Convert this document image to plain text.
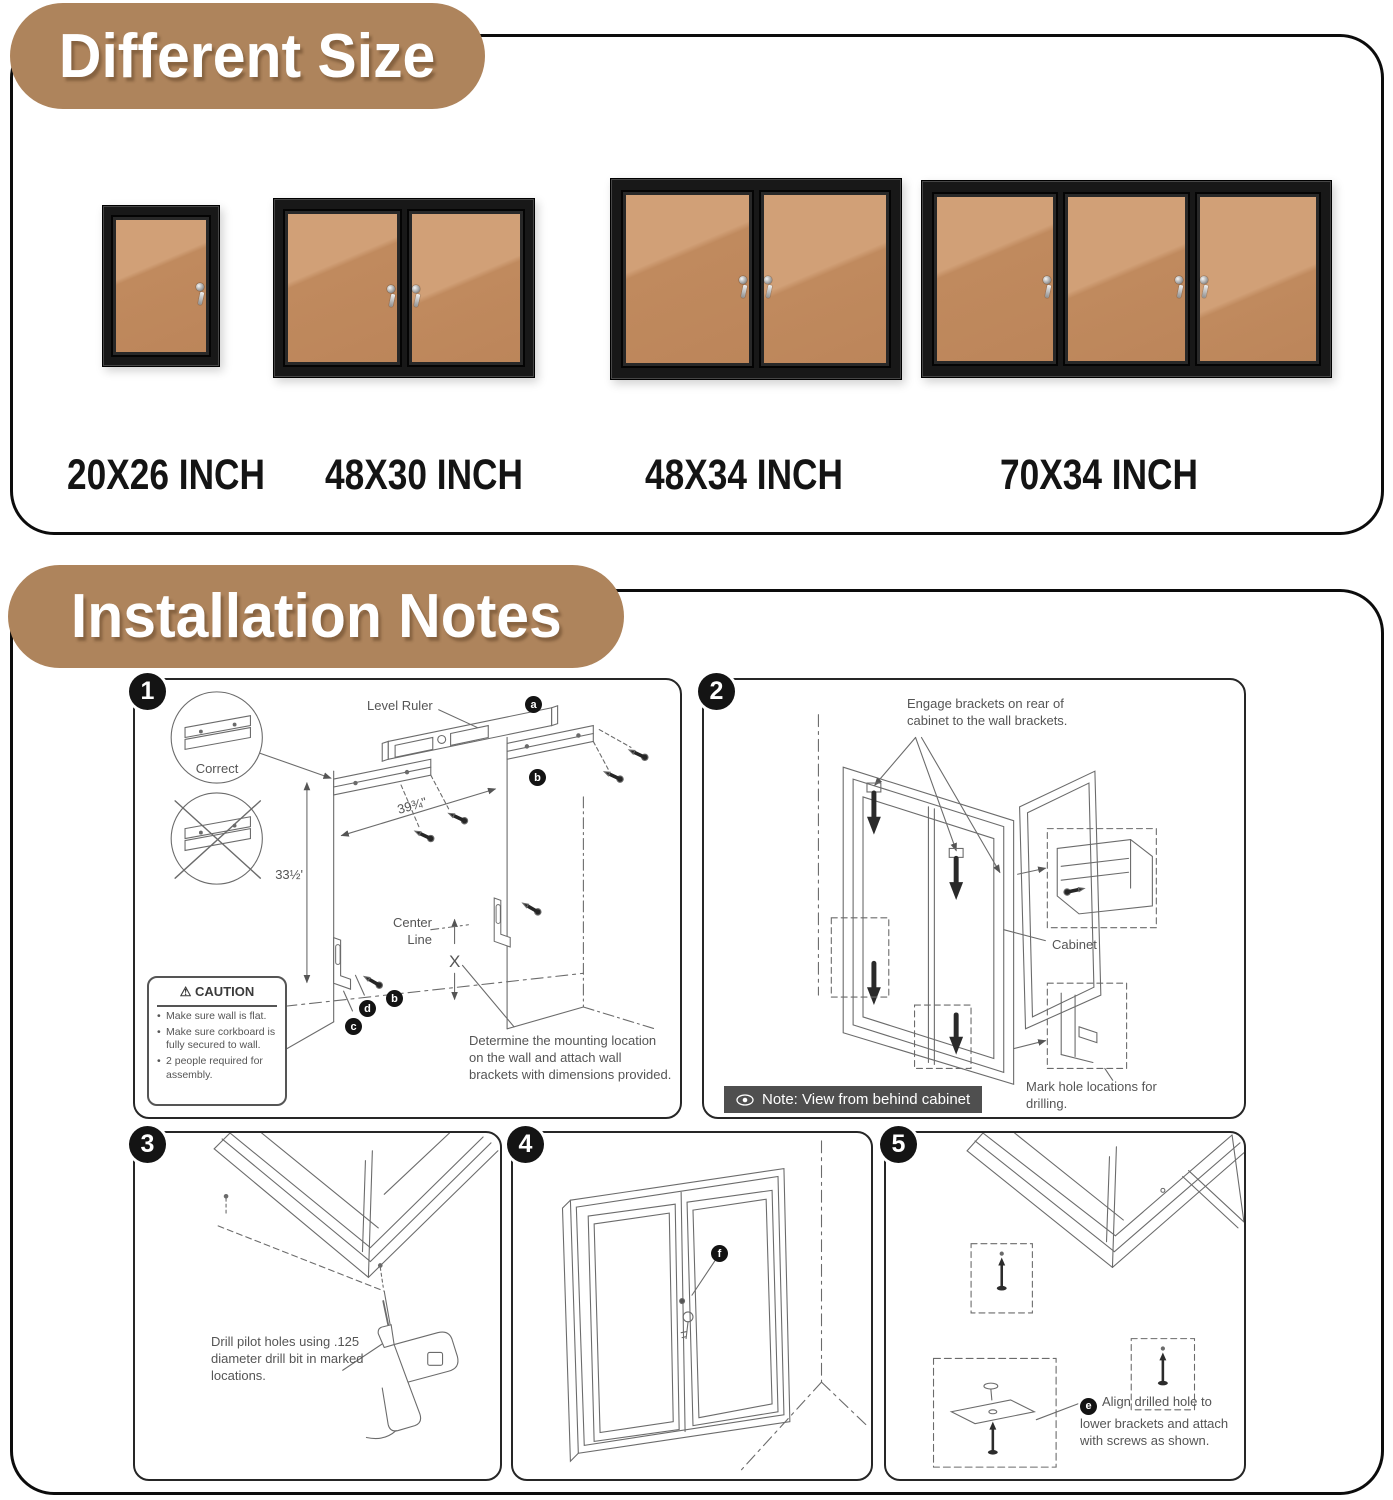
Different Size
20X26 INCH 48X30 INCH	48X34 INCH	70X34 INCH
Installation Notes
1
Level Ruler
Correct
a
b
d
b
c
39¾"
33½'
Center Line
X
⚠ CAUTION
• Make sure wall is flat.
• Make sure corkboard is fully secured to wall.
• 2 people required for assembly.
Determine the mounting location on the wall and attach wall brackets with dimensions provided.
2	Engage brackets on rear of cabinet to the wall brackets.
Cabinet
Mark hole locations for drilling.
Note: View from behind cabinet
3
Drill pilot holes using .125 diameter drill bit in marked locations.
4
f
5
e Align drilled hole to lower brackets and attach with screws as shown.
